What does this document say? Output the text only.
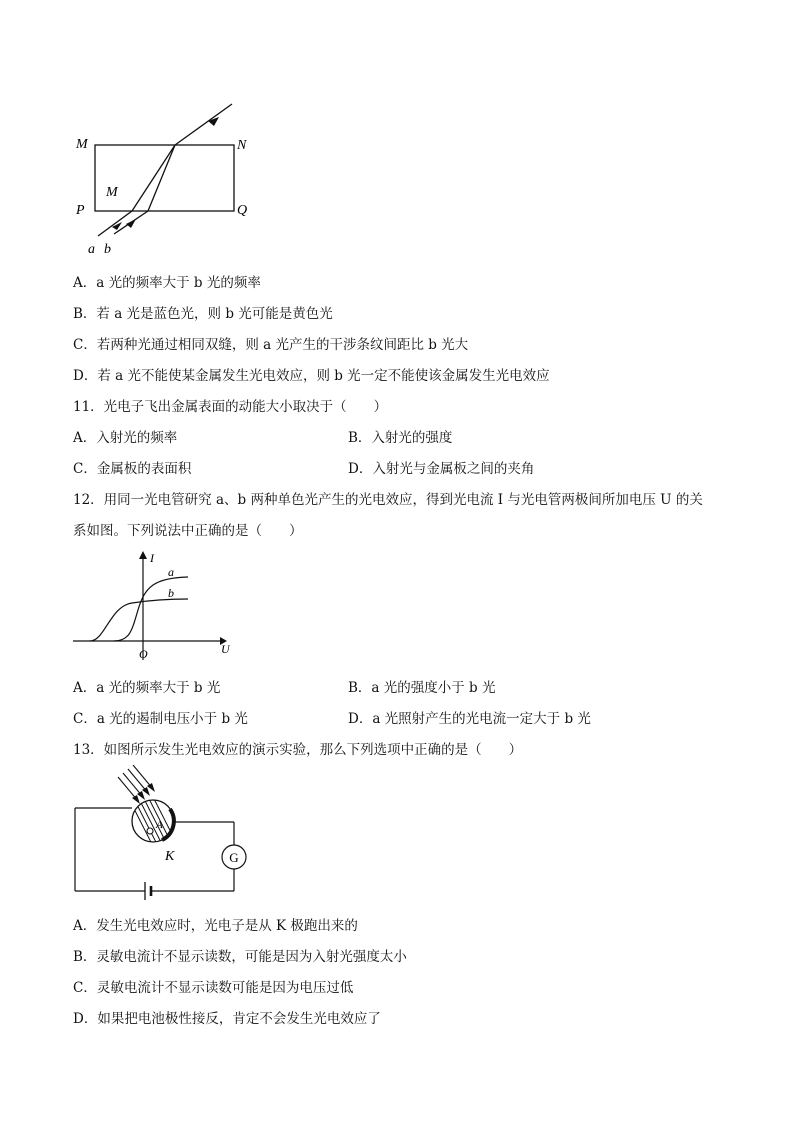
M	N
M
P	Q
a b
A．a 光的频率大于 b 光的频率
B．若 a 光是蓝色光，则 b 光可能是黄色光
C．若两种光通过相同双缝，则 a 光产生的干涉条纹间距比 b 光大
D．若 a 光不能使某金属发生光电效应，则 b 光一定不能使该金属发生光电效应
11．光电子飞出金属表面的动能大小取决于（　　）
A．入射光的频率	B．入射光的强度
C．金属板的表面积	D．入射光与金属板之间的夹角
12．用同一光电管研究 a、b 两种单色光产生的光电效应，得到光电流 I 与光电管两极间所加电压 U 的关
系如图。下列说法中正确的是（　　）
I
a
b
U
O
A．a 光的频率大于 b 光	B．a 光的强度小于 b 光
C．a 光的遏制电压小于 b 光	D．a 光照射产生的光电流一定大于 b 光
13．如图所示发生光电效应的演示实验，那么下列选项中正确的是（　　）
G
A
K
A．发生光电效应时，光电子是从 K 极跑出来的
B．灵敏电流计不显示读数，可能是因为入射光强度太小
C．灵敏电流计不显示读数可能是因为电压过低
D．如果把电池极性接反，肯定不会发生光电效应了
